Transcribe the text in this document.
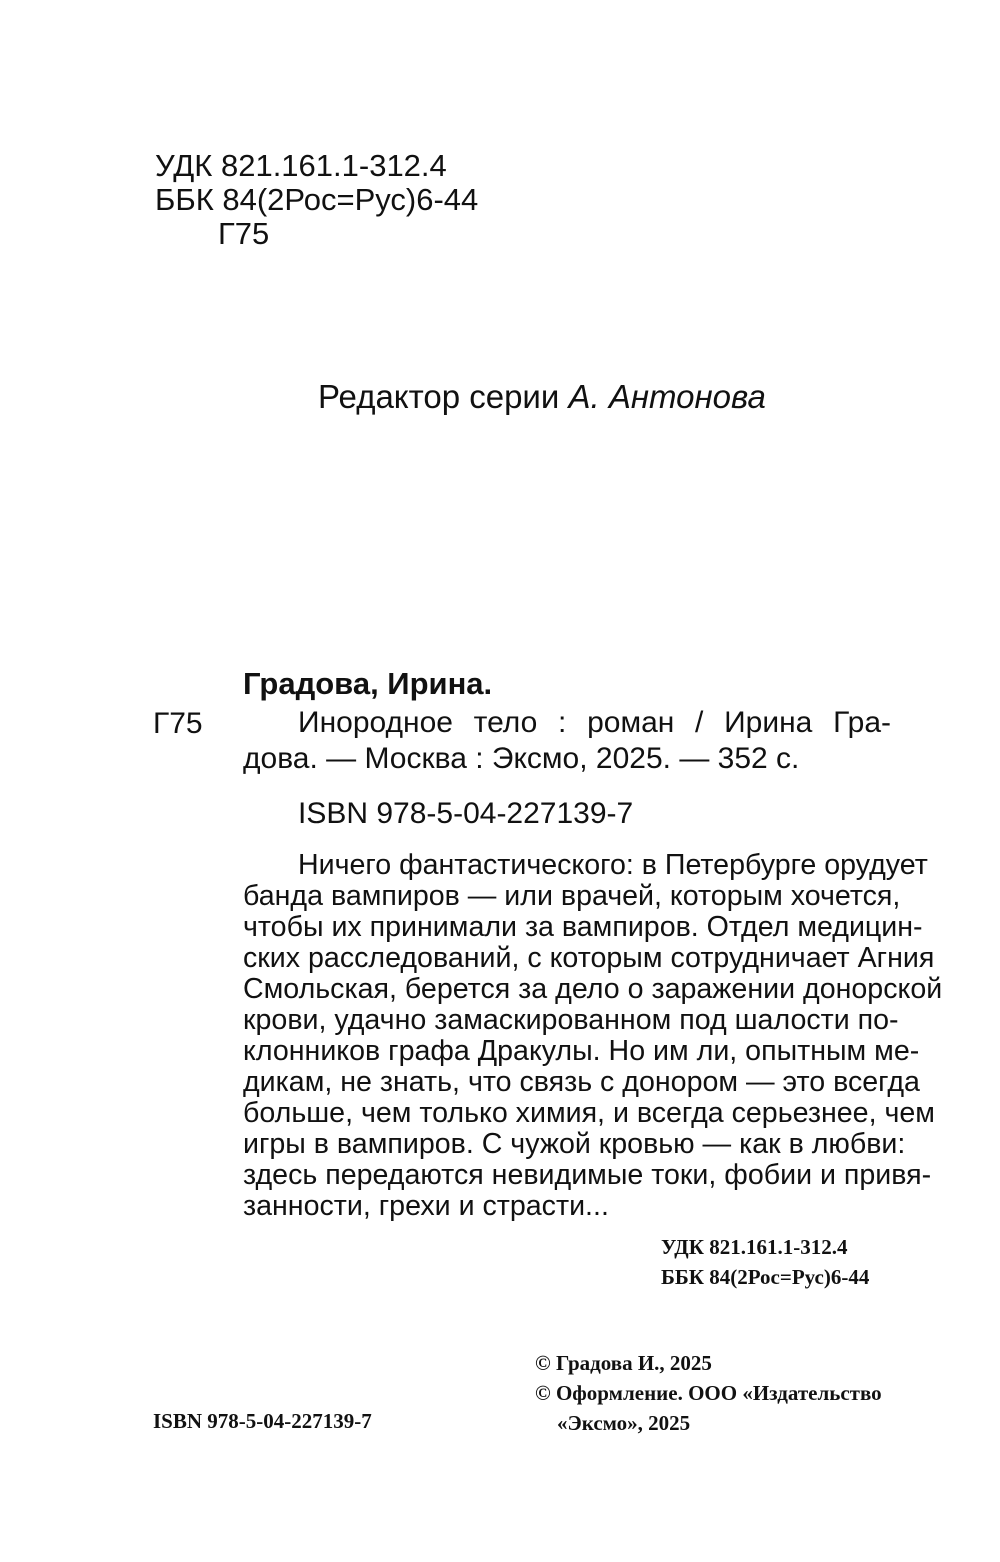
УДК 821.161.1-312.4
ББК 84(2Рос=Рус)6-44
Г75
Редактор серии А. Антонова
Градова, Ирина.
Г75	Инородное тело : роман / Ирина Гра-
дова. — Москва : Эксмо, 2025. — 352 с.
ISBN 978-5-04-227139-7
Ничего фантастического: в Петербурге орудует
банда вампиров — или врачей, которым хочется,
чтобы их принимали за вампиров. Отдел медицин-
ских расследований, с которым сотрудничает Агния
Смольская, берется за дело о заражении донорской
крови, удачно замаскированном под шалости по-
клонников графа Дракулы. Но им ли, опытным ме-
дикам, не знать, что связь с донором — это всегда
больше, чем только химия, и всегда серьезнее, чем
игры в вампиров. С чужой кровью — как в любви:
здесь передаются невидимые токи, фобии и привя-
занности, грехи и страсти...
УДК 821.161.1-312.4
ББК 84(2Рос=Рус)6-44
© Градова И., 2025
© Оформление. ООО «Издательство
ISBN 978-5-04-227139-7	«Эксмо», 2025
